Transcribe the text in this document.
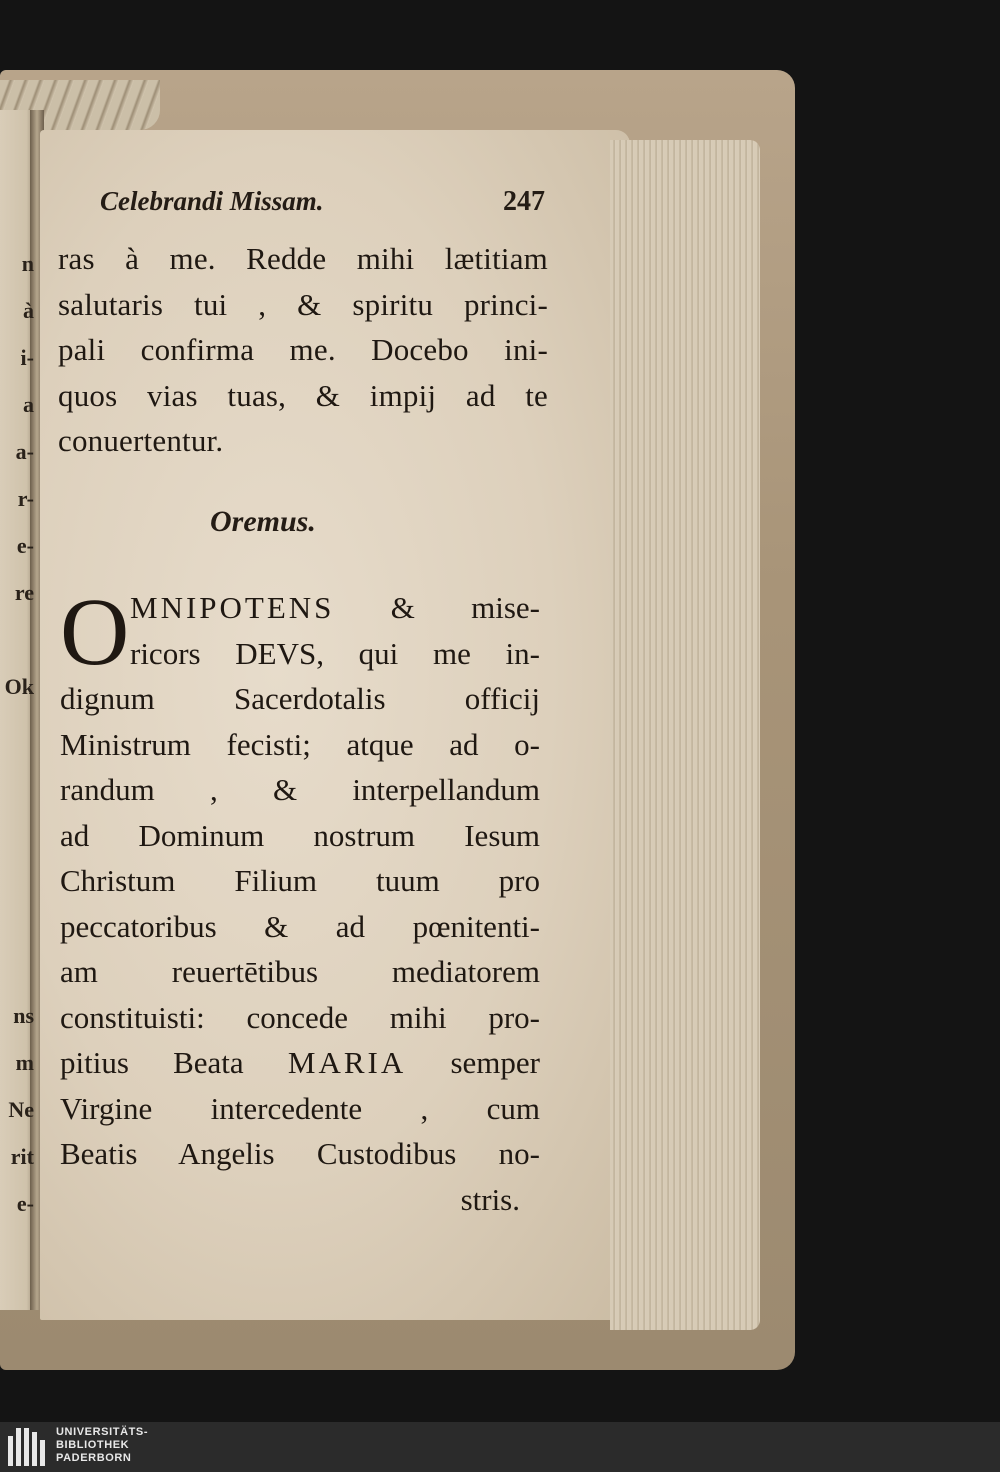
n
à
i-
a
a-
r-
e-
re
Ok
ns
m
Ne
rit
e-
Celebrandi Missam.	247
ras à me. Redde mihi lætitiam
salutaris tui , & spiritu princi-
pali confirma me. Docebo ini-
quos vias tuas, & impij ad te
conuertentur.
Oremus.
O MNIPOTENS & mise-
ricors DEVS, qui me in-
dignum Sacerdotalis officij
Ministrum fecisti; atque ad o-
randum , & interpellandum
ad Dominum nostrum Iesum
Christum Filium tuum pro
peccatoribus & ad pœnitenti-
am reuertētibus mediatorem
constituisti: concede mihi pro-
pitius Beata MARIA semper
Virgine intercedente , cum
Beatis Angelis Custodibus no-
stris.
UNIVERSITÄTS-
BIBLIOTHEK
PADERBORN
